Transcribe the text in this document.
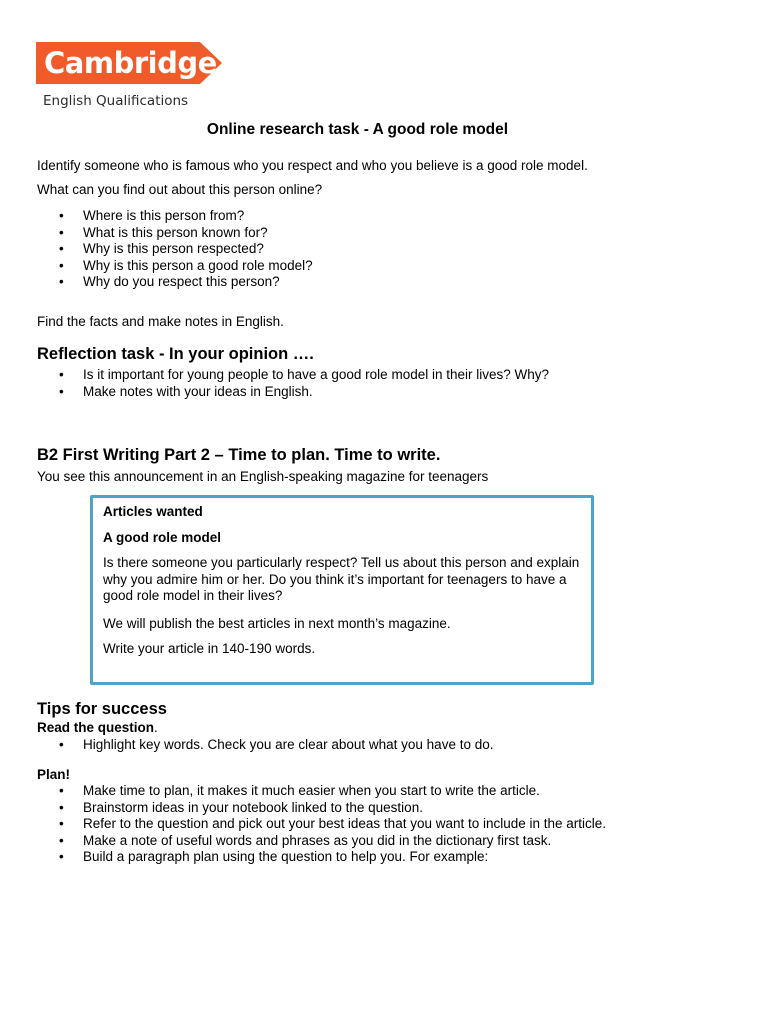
Cambridge
English Qualifications
Online research task - A good role model

Identify someone who is famous who you respect and who you believe is a good role model.

What can you find out about this person online?

• Where is this person from?
• What is this person known for?
• Why is this person respected?
• Why is this person a good role model?
• Why do you respect this person?

Find the facts and make notes in English.

Reflection task - In your opinion ….
• Is it important for young people to have a good role model in their lives? Why?
• Make notes with your ideas in English.
B2 First Writing Part 2 – Time to plan. Time to write.

You see this announcement in an English-speaking magazine for teenagers

Articles wanted

A good role model

Is there someone you particularly respect? Tell us about this person and explain why you admire him or her. Do you think it’s important for teenagers to have a good role model in their lives?

We will publish the best articles in next month’s magazine.

Write your article in 140-190 words.

Tips for success

Read the question.

• Highlight key words. Check you are clear about what you have to do.

Plan!

• Make time to plan, it makes it much easier when you start to write the article.
• Brainstorm ideas in your notebook linked to the question.
• Refer to the question and pick out your best ideas that you want to include in the article.
• Make a note of useful words and phrases as you did in the dictionary first task.
• Build a paragraph plan using the question to help you. For example:
